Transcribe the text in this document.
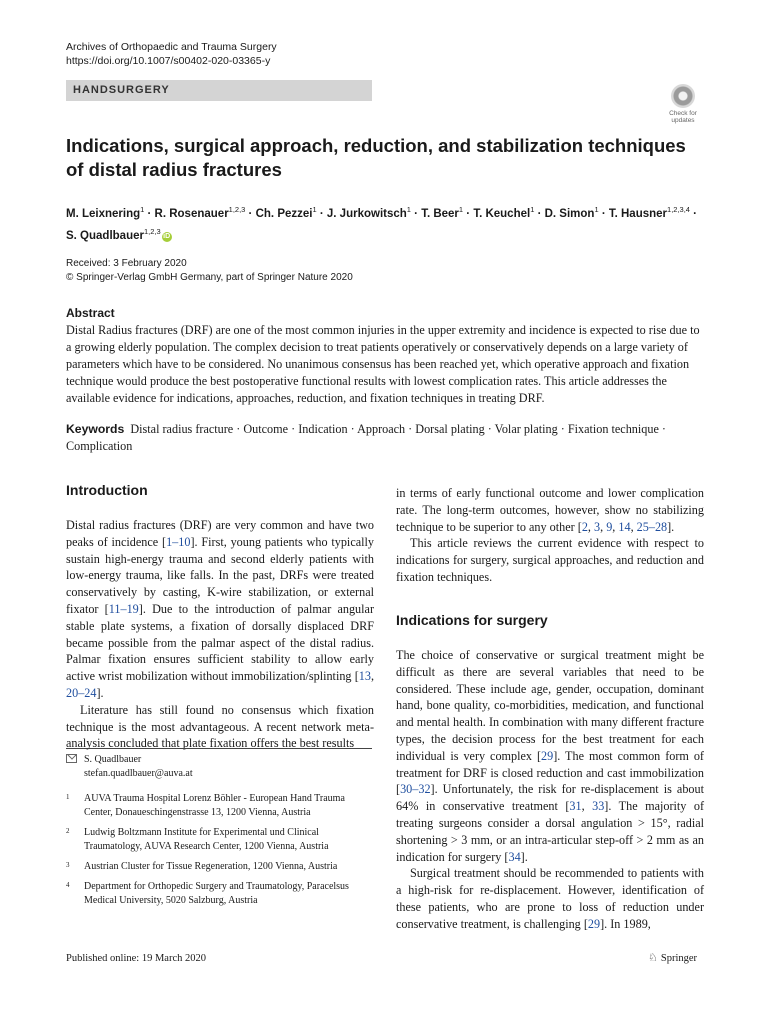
Archives of Orthopaedic and Trauma Surgery
https://doi.org/10.1007/s00402-020-03365-y
HANDSURGERY
Check for
updates
Indications, surgical approach, reduction, and stabilization techniques
of distal radius fractures
M. Leixnering$^1$ · R. Rosenauer$^{1,2,3}$ · Ch. Pezzei$^1$ · J. Jurkowitsch$^1$ · T. Beer$^1$ · T. Keuchel$^1$ · D. Simon$^1$ · T. Hausner$^{1,2,3,4}$ · S. Quadlbauer$^{1,2,3}$iD
Received: 3 February 2020
© Springer-Verlag GmbH Germany, part of Springer Nature 2020
Abstract

Distal Radius fractures (DRF) are one of the most common injuries in the upper extremity and incidence is expected to rise due to a growing elderly population. The complex decision to treat patients operatively or conservatively depends on a large variety of parameters which have to be considered. No unanimous consensus has been reached yet, which operative approach and fixation technique would produce the best postoperative functional results with lowest complication rates. This article addresses the available evidence for indications, approaches, reduction, and fixation techniques in treating DRF.

Keywords Distal radius fracture · Outcome · Indication · Approach · Dorsal plating · Volar plating · Fixation technique · Complication

Introduction

Distal radius fractures (DRF) are very common and have two peaks of incidence [1–10]. First, young patients who typically sustain high-energy trauma and second elderly patients with low-energy trauma, like falls. In the past, DRFs were treated conservatively by casting, K-wire stabilization, or external fixator [11–19]. Due to the introduction of palmar angular stable plate systems, a fixation of dorsally displaced DRF became possible from the palmar aspect of the distal radius. Palmar fixation ensures sufficient stability to allow early active wrist mobilization without immobilization/splinting [13, 20–24].

Literature has still found no consensus which fixation technique is the most advantageous. A recent network meta-analysis concluded that plate fixation offers the best results

in terms of early functional outcome and lower complication rate. The long-term outcomes, however, show no stabilizing technique to be superior to any other [2, 3, 9, 14, 25–28].

This article reviews the current evidence with respect to indications for surgery, surgical approaches, and reduction and fixation techniques.

Indications for surgery

The choice of conservative or surgical treatment might be difficult as there are several variables that need to be considered. These include age, gender, occupation, dominant hand, bone quality, co-morbidities, medication, and functional and mental health. In combination with many different fracture types, the decision process for the best treatment for each individual is very complex [29]. The most common form of treatment for DRF is closed reduction and cast immobilization [30–32]. Unfortunately, the risk for re-displacement is about 64% in conservative treatment [31, 33]. The majority of treating surgeons consider a dorsal angulation > 15°, radial shortening > 3 mm, or an intra-articular step-off > 2 mm as an indication for surgery [34].

Surgical treatment should be recommended to patients with a high-risk for re-displacement. However, identification of these patients, who are prone to loss of reduction under conservative treatment, is challenging [29]. In 1989,

S. Quadlbauer
stefan.quadlbauer@auva.at
1	AUVA Trauma Hospital Lorenz Böhler - European Hand Trauma Center, Donaueschingenstrasse 13, 1200 Vienna, Austria
2	Ludwig Boltzmann Institute for Experimental und Clinical Traumatology, AUVA Research Center, 1200 Vienna, Austria
3	Austrian Cluster for Tissue Regeneration, 1200 Vienna, Austria
4	Department for Orthopedic Surgery and Traumatology, Paracelsus Medical University, 5020 Salzburg, Austria
Published online: 19 March 2020	♘ Springer
